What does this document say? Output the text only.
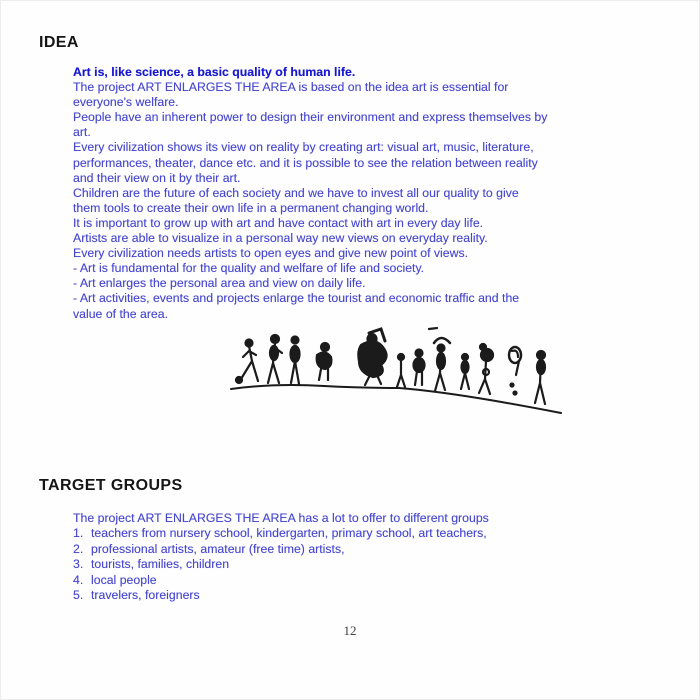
IDEA
Art is, like science, a basic quality of human life.
The project ART ENLARGES THE AREA is based on the idea art is essential for
everyone's welfare.
People have an inherent power to design their environment and express themselves by
art.
Every civilization shows its view on reality by creating art: visual art, music, literature,
performances, theater, dance etc. and it is possible to see the relation between reality
and their view on it by their art.
Children are the future of each society and we have to invest all our quality to give
them tools to create their own life in a permanent changing world.
It is important to grow up with art and have contact with art in every day life.
Artists are able to visualize in a personal way new views on everyday reality.
Every civilization needs artists to open eyes and give new point of views.
- Art is fundamental for the quality and welfare of life and society.
- Art enlarges the personal area and view on daily life.
- Art activities, events and projects enlarge the tourist and economic traffic and the
value of the area.
TARGET GROUPS
The project ART ENLARGES THE AREA has a lot to offer to different groups
1. teachers from nursery school, kindergarten, primary school, art teachers,
2. professional artists, amateur (free time) artists,
3. tourists, families, children
4. local people
5. travelers, foreigners
12
